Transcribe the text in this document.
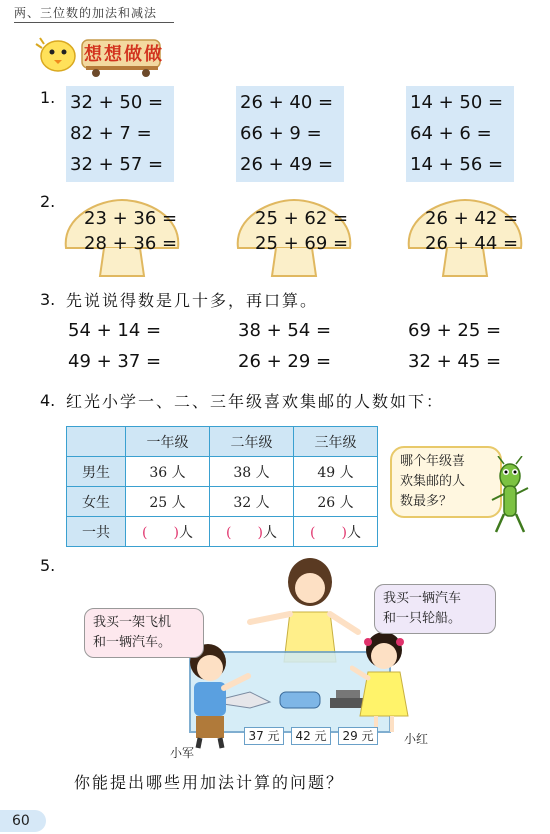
两、三位数的加法和减法
想想做做
1. 32 + 50 =
82 + 7 =
32 + 57 =
26 + 40 =
66 + 9 =
26 + 49 =
14 + 50 =
64 + 6 =
14 + 56 =
2.
23 + 36 =
28 + 36 =
25 + 62 =
25 + 69 =
26 + 42 =
26 + 44 =
3. 先说说得数是几十多，再口算。
54 + 14 =	38 + 54 =	69 + 25 =
49 + 37 =	26 + 29 =	32 + 45 =
4. 红光小学一、二、三年级喜欢集邮的人数如下：
	一年级	二年级	三年级
男生	36 人	38 人	49 人
女生	25 人	32 人	26 人
一共	( )人	( )人	( )人
哪个年级喜
欢集邮的人
数最多？
5.
我买一架飞机
和一辆汽车。
我买一辆汽车
和一只轮船。
37 元	42 元	29 元
小军
小红
你能提出哪些用加法计算的问题？
60
